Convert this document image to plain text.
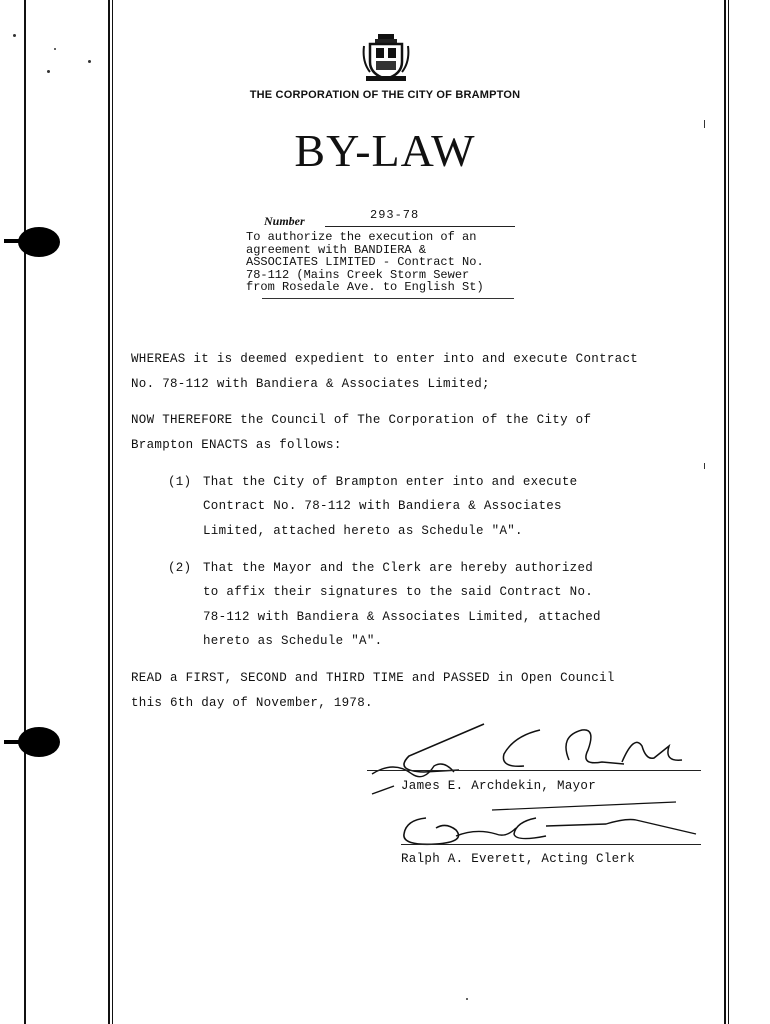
THE CORPORATION OF THE CITY OF BRAMPTON
BY-LAW
Number	293-78
To authorize the execution of an
agreement with BANDIERA &
ASSOCIATES LIMITED - Contract No.
78-112 (Mains Creek Storm Sewer
from Rosedale Ave. to English St)
WHEREAS it is deemed expedient to enter into and execute Contract
No. 78-112 with Bandiera & Associates Limited;
NOW THEREFORE the Council of The Corporation of the City of
Brampton ENACTS as follows:
(1) That the City of Brampton enter into and execute
Contract No. 78-112 with Bandiera & Associates
Limited, attached hereto as Schedule "A".
(2) That the Mayor and the Clerk are hereby authorized
to affix their signatures to the said Contract No.
78-112 with Bandiera & Associates Limited, attached
hereto as Schedule "A".
READ a FIRST, SECOND and THIRD TIME and PASSED in Open Council
this 6th day of November, 1978.
James E. Archdekin, Mayor
Ralph A. Everett, Acting Clerk
